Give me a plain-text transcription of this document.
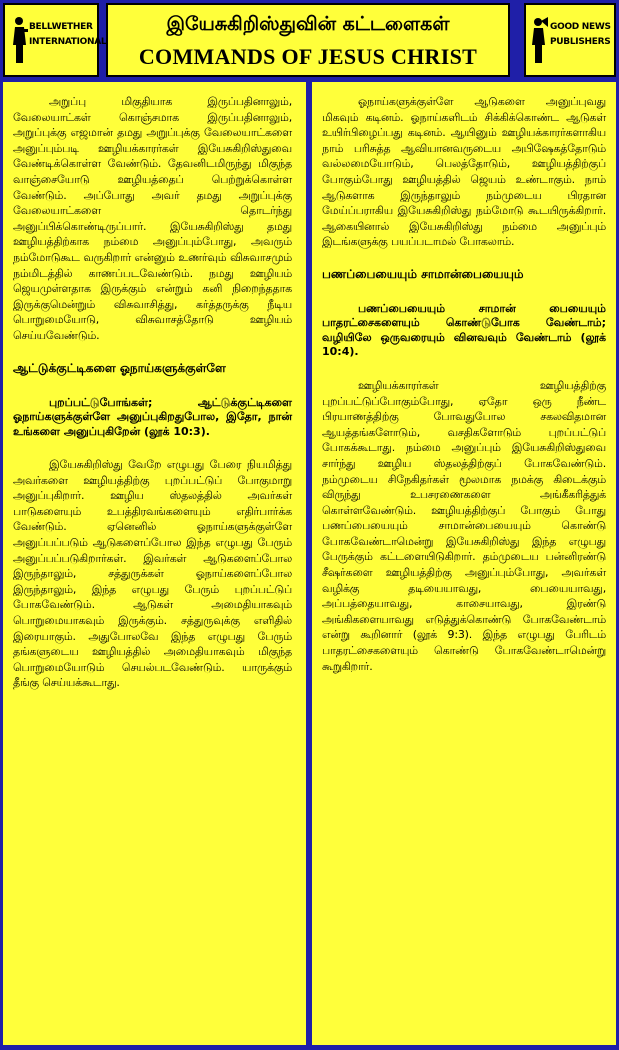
BELLWETHER
INTERNATIONAL
இயேசுகிறிஸ்துவின் கட்டளைகள்
COMMANDS OF JESUS CHRIST
GOOD NEWS
PUBLISHERS

அறுப்பு மிகுதியாக இருப்பதினாலும், வேலையாட்கள் கொஞ்சமாக இருப்பதினாலும், அறுப்புக்கு எஜமான் தமது அறுப்புக்கு வேலையாட்களை அனுப்பும்படி ஊழியக்காரர்கள் இயேசுகிறிஸ்துவை வேண்டிக்கொள்ள வேண்டும். தேவனிடமிருந்து மிகுந்த வாஞ்சையோடு ஊழியத்தைப் பெற்றுக்கொள்ள வேண்டும். அப்போது அவர் தமது அறுப்புக்கு வேலையாட்களை தொடர்ந்து அனுப்பிக்கொண்டிருப்பார். இயேசுகிறிஸ்து தமது ஊழியத்திற்காக நம்மை அனுப்பும்போது, அவரும் நம்மோடுகூட வருகிறார் என்னும் உணர்வும் விசுவாசமும் நம்மிடத்தில் காணப்படவேண்டும். நமது ஊழியம் ஜெயமுள்ளதாக இருக்கும் என்றும் கனி நிறைந்ததாக இருக்குமென்றும் விசுவாசித்து, கர்த்தருக்கு நீடிய பொறுமையோடு, விசுவாசத்தோடு ஊழியம் செய்யவேண்டும்.

ஆட்டுக்குட்டிகளை ஓநாய்களுக்குள்ளே

புறப்பட்டுபோங்கள்; ஆட்டுக்குட்டிகளை ஓநாய்களுக்குள்ளே அனுப்புகிறதுபோல, இதோ, நான் உங்களை அனுப்புகிறேன் (லூக் 10:3).

இயேசுகிறிஸ்து வேறே எழுபது பேரை நியமித்து அவர்களை ஊழியத்திற்கு புறப்பட்டுப் போகுமாறு அனுப்புகிறார். ஊழிய ஸ்தலத்தில் அவர்கள் பாடுகளையும் உபத்திரவங்களையும் எதிர்பார்க்க வேண்டும். ஏனெனில் ஓநாய்களுக்குள்ளே அனுப்பப்படும் ஆடுகளைப்போல இந்த எழுபது பேரும் அனுப்பப்படுகிறார்கள். இவர்கள் ஆடுகளைப்போல இருந்தாலும், சத்துருக்கள் ஓநாய்களைப்போல இருந்தாலும், இந்த எழுபது பேரும் புறப்பட்டுப் போகவேண்டும். ஆடுகள் அமைதியாகவும் பொறுமையாகவும் இருக்கும். சத்துருவுக்கு எளிதில் இரையாகும். அதுபோலவே இந்த எழுபது பேரும் தங்களுடைய ஊழியத்தில் அமைதியாகவும் மிகுந்த பொறுமையோடும் செயல்படவேண்டும். யாருக்கும் தீங்கு செய்யக்கூடாது.

ஓநாய்களுக்குள்ளே ஆடுகளை அனுப்புவது மிகவும் கடினம். ஓநாய்களிடம் சிக்கிக்கொண்ட ஆடுகள் உயிர்பிழைப்பது கடினம். ஆயினும் ஊழியக்காரர்களாகிய நாம் பரிசுத்த ஆவியானவருடைய அபிஷேகத்தோடும் வல்லமையோடும், பெலத்தோடும், ஊழியத்திற்குப் போகும்போது ஊழியத்தில் ஜெயம் உண்டாகும். நாம் ஆடுகளாக இருந்தாலும் நம்முடைய பிரதான மேய்ப்பராகிய இயேசுகிறிஸ்து நம்மோடு கூடயிருக்கிறார். ஆகையினால் இயேசுகிறிஸ்து நம்மை அனுப்பும் இடங்களுக்கு பயப்படாமல் போகலாம்.

பணப்பையையும் சாமான்பையையும்

பணப்பையையும் சாமான் பையையும் பாதரட்சைகளையும் கொண்டுபோக வேண்டாம்; வழியிலே ஒருவரையும் வினவவும் வேண்டாம் (லூக் 10:4).

ஊழியக்காரர்கள் ஊழியத்திற்கு புறப்பட்டுப்போகும்போது, ஏதோ ஒரு நீண்ட பிரயாணத்திற்கு போவதுபோல சகலவிதமான ஆயத்தங்களோடும், வசதிகளோடும் புறப்பட்டுப் போகக்கூடாது. நம்மை அனுப்பும் இயேசுகிறிஸ்துவை சார்ந்து ஊழிய ஸ்தலத்திற்குப் போகவேண்டும். நம்முடைய சிநேகிதர்கள் மூலமாக நமக்கு கிடைக்கும் விருந்து உபசரணைகளை அங்கீகரித்துக் கொள்ளவேண்டும். ஊழியத்திற்குப் போகும் போது பணப்பையையும் சாமான்பையையும் கொண்டு போகவேண்டாமென்று இயேசுகிறிஸ்து இந்த எழுபது பேருக்கும் கட்டளையிடுகிறார். தம்முடைய பன்னிரண்டு சீஷர்களை ஊழியத்திற்கு அனுப்பும்போது, அவர்கள் வழிக்கு தடியையாவது, பையையாவது, அப்பத்தையாவது, காசையாவது, இரண்டு அங்கிகளையாவது எடுத்துக்கொண்டு போகவேண்டாம் என்று கூறினார் (லூக் 9:3). இந்த எழுபது பேரிடம் பாதரட்சைகளையும் கொண்டு போகவேண்டாமென்று கூறுகிறார்.
